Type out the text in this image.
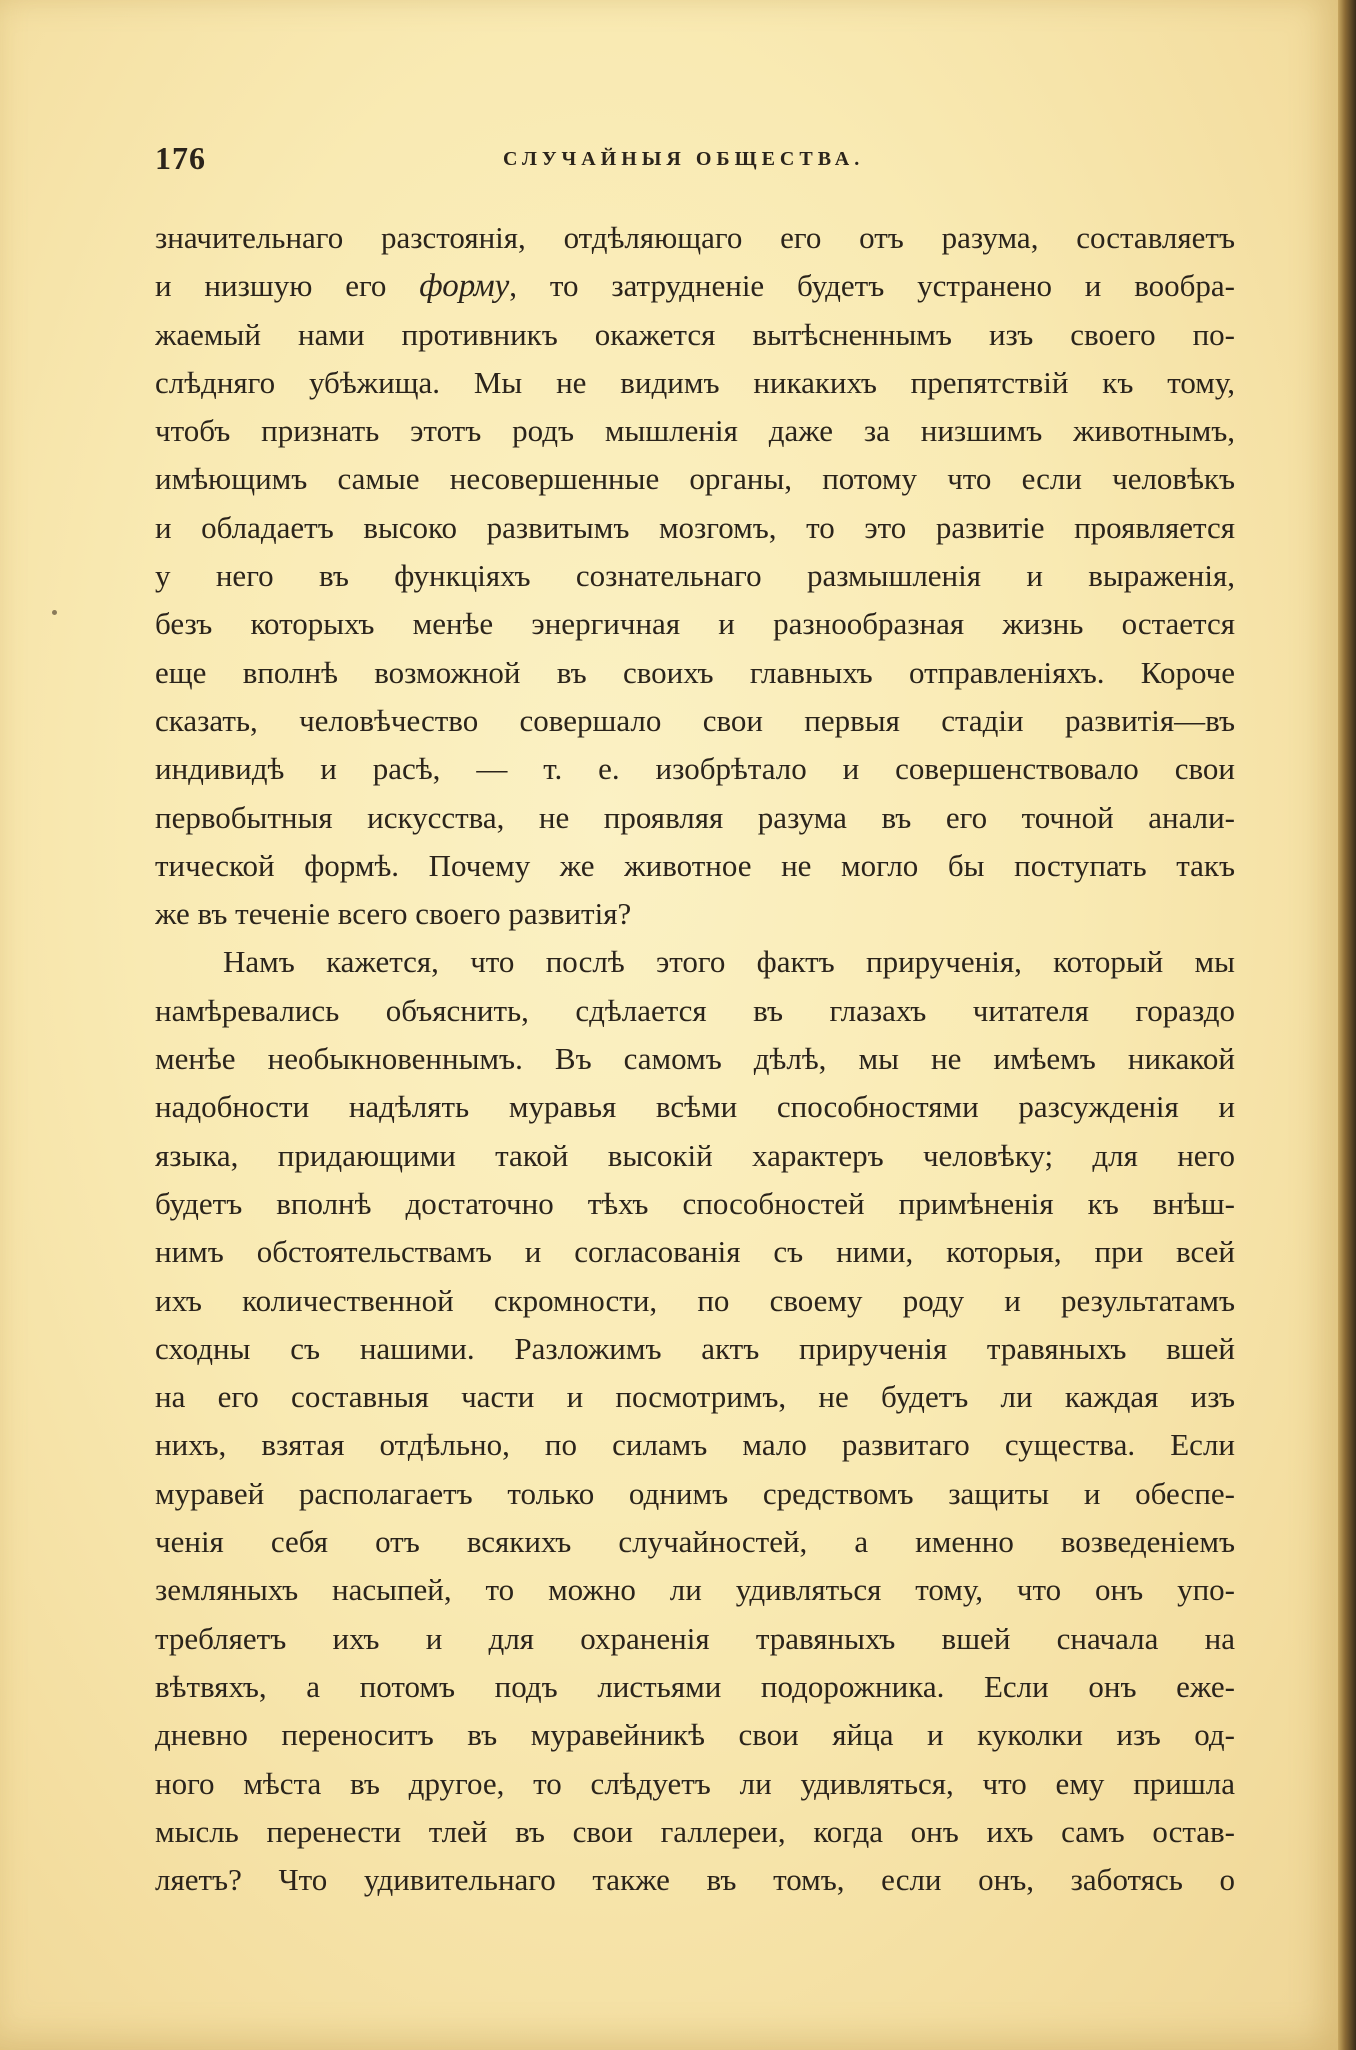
176	СЛУЧАЙНЫЯ ОБЩЕСТВА.
значительнаго разстоянія, отдѣляющаго его отъ разума, составляетъ
и низшую его формy, то затрудненіе будетъ устранено и вообра-
жаемый нами противникъ окажется вытѣсненнымъ изъ своего по-
слѣдняго убѣжища. Мы не видимъ никакихъ препятствій къ тому,
чтобъ признать этотъ родъ мышленія даже за низшимъ животнымъ,
имѣющимъ самые несовершенные органы, потому что если человѣкъ
и обладаетъ высоко развитымъ мозгомъ, то это развитіе проявляется
у него въ функціяхъ сознательнаго размышленія и выраженія,
безъ которыхъ менѣе энергичная и разнообразная жизнь остается
еще вполнѣ возможной въ своихъ главныхъ отправленіяхъ. Короче
сказать, человѣчество совершало свои первыя стадіи развитія—въ
индивидѣ и расѣ, — т. е. изобрѣтало и совершенствовало свои
первобытныя искусства, не проявляя разума въ его точной анали-
тической формѣ. Почему же животное не могло бы поступать такъ
же въ теченіе всего своего развитія?
Намъ кажется, что послѣ этого фактъ прирученія, который мы
намѣревались объяснить, сдѣлается въ глазахъ читателя гораздо
менѣе необыкновеннымъ. Въ самомъ дѣлѣ, мы не имѣемъ никакой
надобности надѣлять муравья всѣми способностями разсужденія и
языка, придающими такой высокій характеръ человѣку; для него
будетъ вполнѣ достаточно тѣхъ способностей примѣненія къ внѣш-
нимъ обстоятельствамъ и согласованія съ ними, которыя, при всей
ихъ количественной скромности, по своему роду и результатамъ
сходны съ нашими. Разложимъ актъ прирученія травяныхъ вшей
на его составныя части и посмотримъ, не будетъ ли каждая изъ
нихъ, взятая отдѣльно, по силамъ мало развитаго существа. Если
муравей располагаетъ только однимъ средствомъ защиты и обеспе-
ченія себя отъ всякихъ случайностей, а именно возведеніемъ
земляныхъ насыпей, то можно ли удивляться тому, что онъ упо-
требляетъ ихъ и для охраненія травяныхъ вшей сначала на
вѣтвяхъ, а потомъ подъ листьями подорожника. Если онъ еже-
дневно переноситъ въ муравейникѣ свои яйца и куколки изъ од-
ного мѣста въ другое, то слѣдуетъ ли удивляться, что ему пришла
мысль перенести тлей въ свои галлереи, когда онъ ихъ самъ остав-
ляетъ? Что удивительнаго также въ томъ, если онъ, заботясь о
